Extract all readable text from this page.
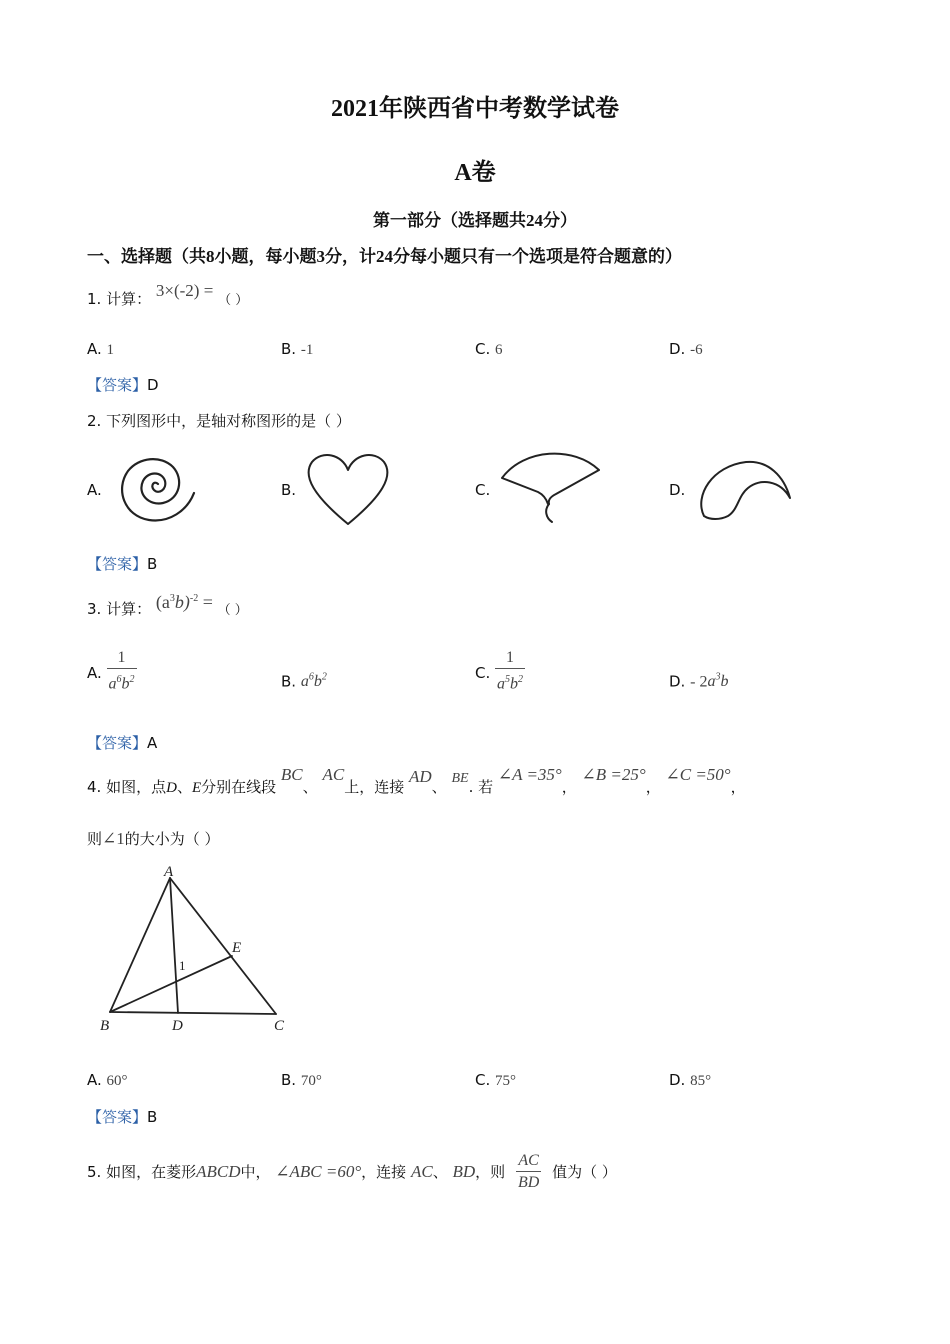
2021年陕西省中考数学试卷
A卷
第一部分（选择题共24分）
一、选择题（共8小题，每小题3分，计24分每小题只有一个选项是符合题意的）
1. 计算： 3×(-2) = （ ）
A. 1	B. -1	C. 6	D. -6
【答案】D
2. 下列图形中，是轴对称图形的是（ ）
A.	B.	C.	D.
【答案】B
3. 计算： $(a^3b)^{-2}$ = （ ）
A. $\frac{1}{a^6b^2}$	B. $a^6b^2$	C. $\frac{1}{a^5b^2}$	D. - $2a^3b$
【答案】A
4. 如图，点D、E分别在线段 BC、 AC上，连接 AD、 BE. 若 ∠A =35°， ∠B =25°， ∠C =50°，
则∠1的大小为（ ）
A
B	C
D
E
1
A. 60°	B. 70°	C. 75°	D. 85°
【答案】B
5. 如图，在菱形ABCD中， ∠ABC =60°，连接 AC、 BD，则 $\frac{AC}{BD}$ 值为（ ）
